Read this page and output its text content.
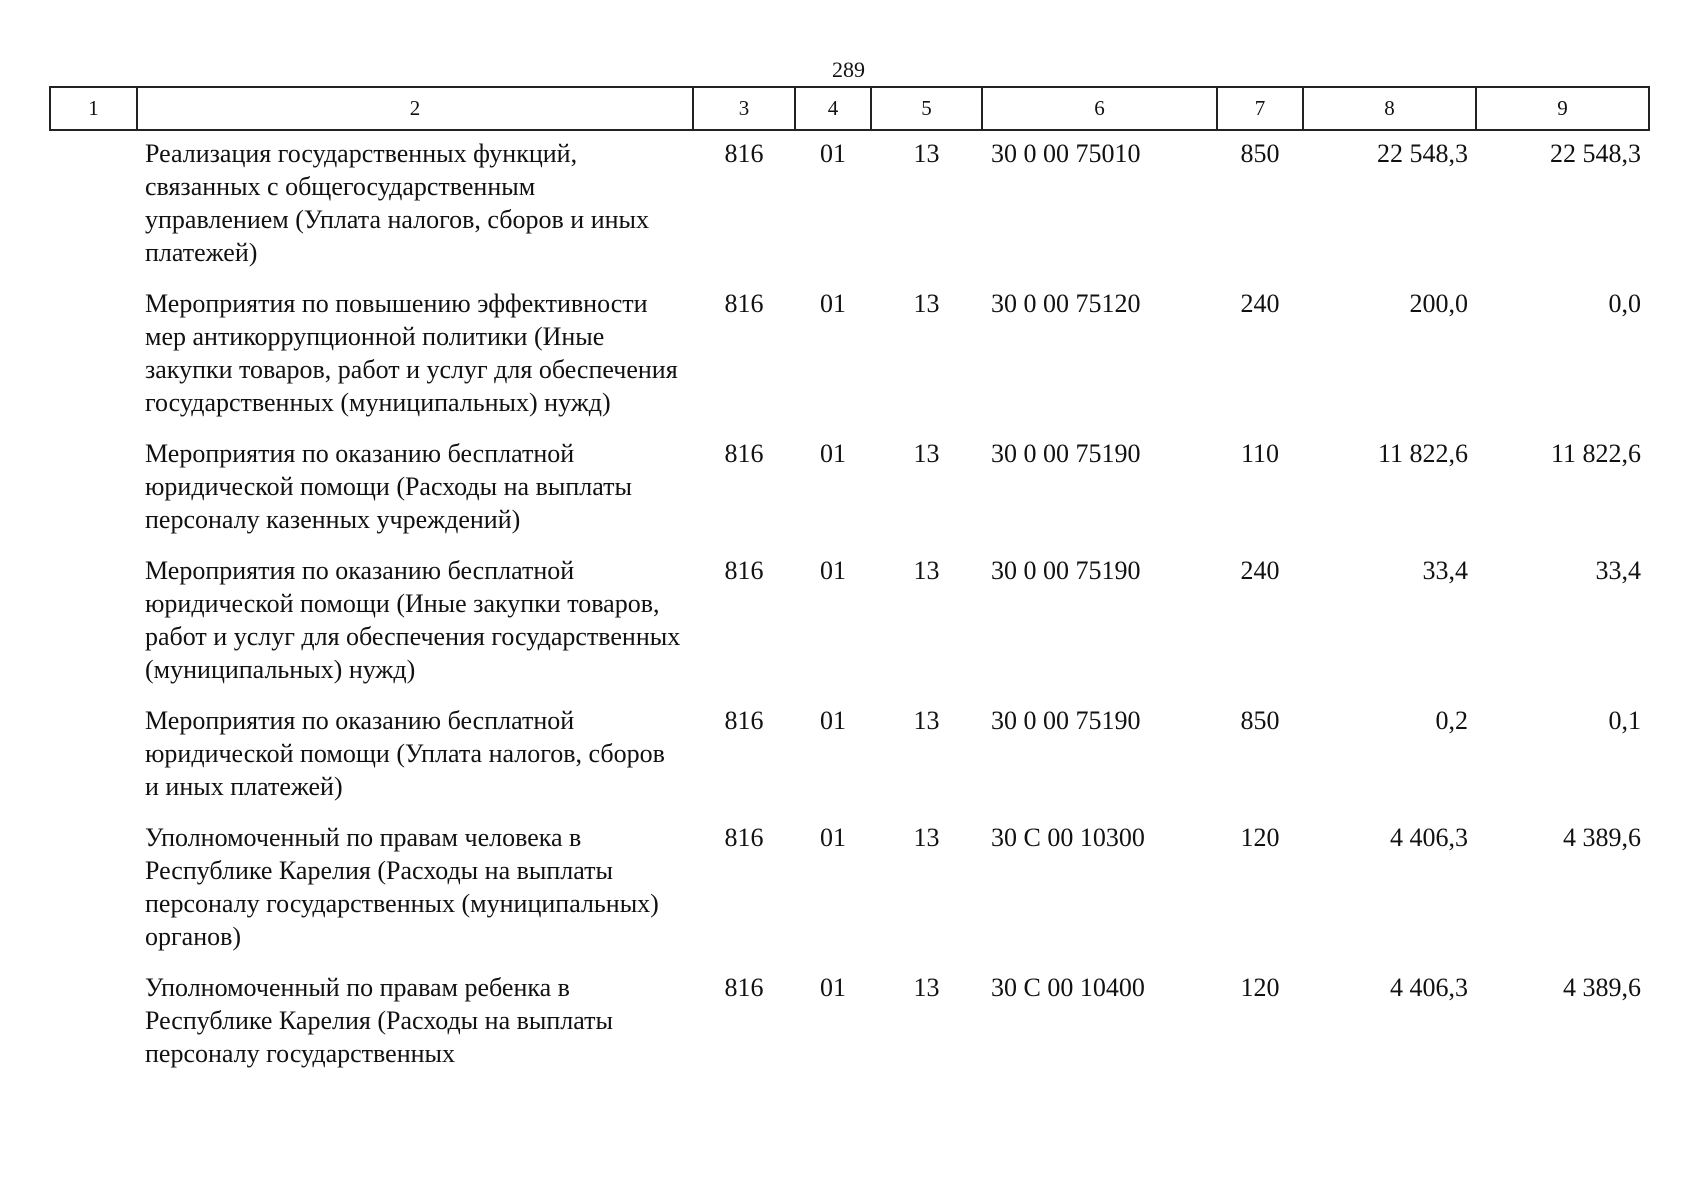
289
1	2	3	4	5	6	7	8	9
	Реализация государственных функций, связанных с общегосударственным управлением (Уплата налогов, сборов и иных платежей)	816	01	13	30 0 00 75010	850	22 548,3	22 548,3
	Мероприятия по повышению эффективности мер антикоррупционной политики (Иные закупки товаров, работ и услуг для обеспечения государственных (муниципальных) нужд)	816	01	13	30 0 00 75120	240	200,0	0,0
	Мероприятия по оказанию бесплатной юридической помощи (Расходы на выплаты персоналу казенных учреждений)	816	01	13	30 0 00 75190	110	11 822,6	11 822,6
	Мероприятия по оказанию бесплатной юридической помощи (Иные закупки товаров, работ и услуг для обеспечения государственных (муниципальных) нужд)	816	01	13	30 0 00 75190	240	33,4	33,4
	Мероприятия по оказанию бесплатной юридической помощи (Уплата налогов, сборов и иных платежей)	816	01	13	30 0 00 75190	850	0,2	0,1
	Уполномоченный по правам человека в Республике Карелия (Расходы на выплаты персоналу государственных (муниципальных) органов)	816	01	13	30 С 00 10300	120	4 406,3	4 389,6
	Уполномоченный по правам ребенка в Республике Карелия (Расходы на выплаты персоналу государственных	816	01	13	30 С 00 10400	120	4 406,3	4 389,6
